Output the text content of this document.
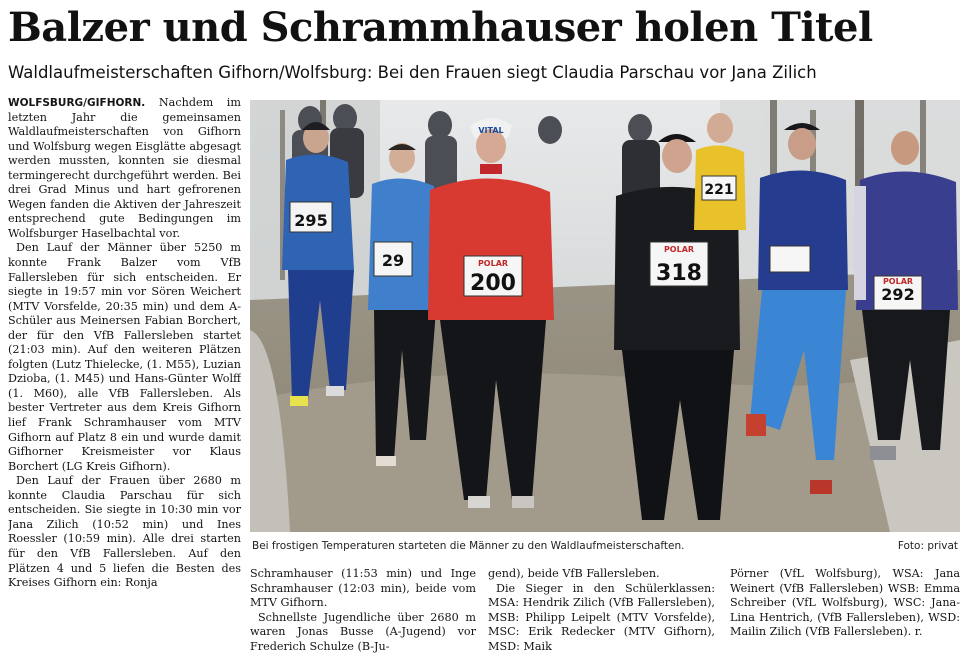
Balzer und Schrammhauser holen Titel
Waldlaufmeisterschaften Gifhorn/Wolfsburg: Bei den Frauen siegt Claudia Parschau vor Jana Zilich

WOLFSBURG/GIFHORN. Nachdem im letzten Jahr die gemeinsamen Waldlaufmeisterschaften von Gifhorn und Wolfsburg wegen Eisglätte abgesagt werden mussten, konnten sie diesmal termingerecht durchgeführt werden. Bei drei Grad Minus und hart gefrorenen Wegen fanden die Aktiven der Jahreszeit entsprechend gute Bedingungen im Wolfsburger Haselbachtal vor.

Den Lauf der Männer über 5250 m konnte Frank Balzer vom VfB Fallersleben für sich entscheiden. Er siegte in 19:57 min vor Sören Weichert (MTV Vorsfelde, 20:35 min) und dem A-Schüler aus Meinersen Fabian Borchert, der für den VfB Fallersleben startet (21:03 min). Auf den weiteren Plätzen folgten (Lutz Thielecke, (1. M55), Luzian Dzioba, (1. M45) und Hans-Günter Wolff (1. M60), alle VfB Fallersleben. Als bester Vertreter aus dem Kreis Gifhorn lief Frank Schramhauser vom MTV Gifhorn auf Platz 8 ein und wurde damit Gifhorner Kreismeister vor Klaus Borchert (LG Kreis Gifhorn).

Den Lauf der Frauen über 2680 m konnte Claudia Parschau für sich entscheiden. Sie siegte in 10:30 min vor Jana Zilich (10:52 min) und Ines Roessler (10:59 min). Alle drei starten für den VfB Fallersleben. Auf den Plätzen 4 und 5 liefen die Besten des Kreises Gifhorn ein: Ronja

295
29
200	318
221
292
POLAR
POLAR
POLAR
VITAL
Bei frostigen Temperaturen starteten die Männer zu den Waldlaufmeisterschaften.	Foto: privat

Schramhauser (11:53 min) und Inge Schramhauser (12:03 min), beide vom MTV Gifhorn.

Schnellste Jugendliche über 2680 m waren Jonas Busse (A-Jugend) vor Frederich Schulze (B-Ju-

gend), beide VfB Fallersleben.

Die Sieger in den Schülerklassen: MSA: Hendrik Zilich (VfB Fallersleben), MSB: Philipp Leipelt (MTV Vorsfelde), MSC: Erik Redecker (MTV Gifhorn), MSD: Maik

Pörner (VfL Wolfsburg), WSA: Jana Weinert (VfB Fallersleben) WSB: Emma Schreiber (VfL Wolfsburg), WSC: Jana-Lina Hentrich, (VfB Fallersleben), WSD: Mailin Zilich (VfB Fallersleben). r.
